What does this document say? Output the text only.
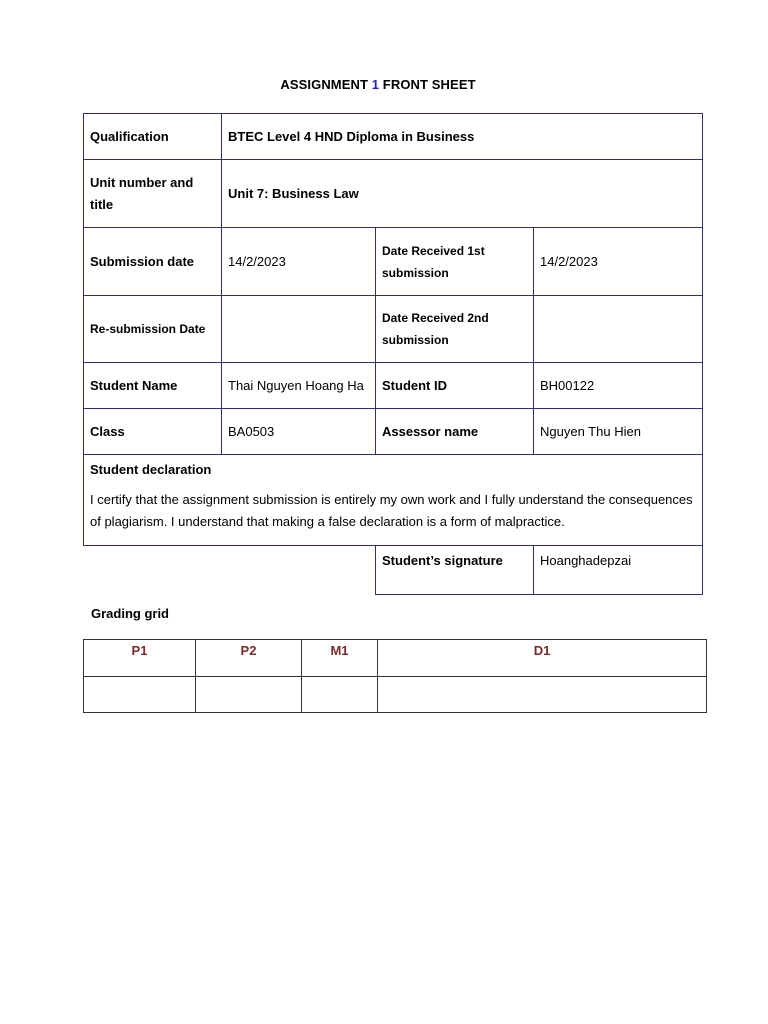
ASSIGNMENT 1 FRONT SHEET
Qualification	BTEC Level 4 HND Diploma in Business		
Unit number and title	Unit 7: Business Law		
Submission date	14/2/2023	Date Received 1st submission	14/2/2023
Re-submission Date		Date Received 2nd submission	
Student Name	Thai Nguyen Hoang Ha	Student ID	BH00122
Class	BA0503	Assessor name	Nguyen Thu Hien

Student declaration
I certify that the assignment submission is entirely my own work and I fully understand the consequences of plagiarism. I understand that making a false declaration is a form of malpractice.			

		Student’s signature	Hoanghadepzai
Grading grid
P1	P2	M1	D1
